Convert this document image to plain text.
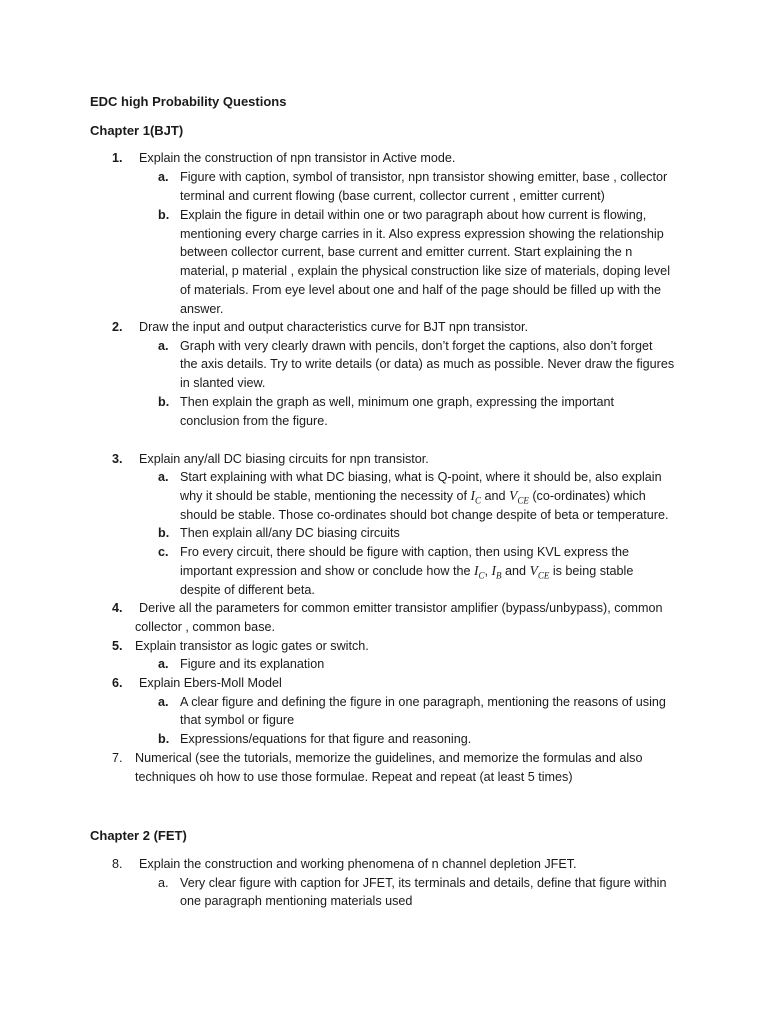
EDC high Probability Questions
Chapter 1(BJT)
1. Explain the construction of npn transistor in Active mode.
a. Figure with caption, symbol of transistor, npn transistor showing emitter, base , collector
terminal and current flowing (base current, collector current , emitter current)
b. Explain the figure in detail within one or two paragraph about how current is flowing,
mentioning every charge carries in it. Also express expression showing the relationship
between collector current, base current and emitter current. Start explaining the n
material, p material , explain the physical construction like size of materials, doping level
of materials. From eye level about one and half of the page should be filled up with the
answer.
2. Draw the input and output characteristics curve for BJT npn transistor.
a. Graph with very clearly drawn with pencils, don’t forget the captions, also don’t forget
the axis details. Try to write details (or data) as much as possible. Never draw the figures
in slanted view.
b. Then explain the graph as well, minimum one graph, expressing the important
conclusion from the figure.
3. Explain any/all DC biasing circuits for npn transistor.
a. Start explaining with what DC biasing, what is Q-point, where it should be, also explain
why it should be stable, mentioning the necessity of $I_C$ and $V_{CE}$ (co-ordinates) which
should be stable. Those co-ordinates should bot change despite of beta or temperature.
b. Then explain all/any DC biasing circuits
c. Fro every circuit, there should be figure with caption, then using KVL express the
important expression and show or conclude how the $I_C$, $I_B$ and $V_{CE}$ is being stable
despite of different beta.
4. Derive all the parameters for common emitter transistor amplifier (bypass/unbypass), common
collector , common base.
5. Explain transistor as logic gates or switch.
a. Figure and its explanation
6. Explain Ebers-Moll Model
a. A clear figure and defining the figure in one paragraph, mentioning the reasons of using
that symbol or figure
b. Expressions/equations for that figure and reasoning.
7. Numerical (see the tutorials, memorize the guidelines, and memorize the formulas and also
techniques oh how to use those formulae. Repeat and repeat (at least 5 times)
Chapter 2 (FET)
8. Explain the construction and working phenomena of n channel depletion JFET.
a. Very clear figure with caption for JFET, its terminals and details, define that figure within
one paragraph mentioning materials used
